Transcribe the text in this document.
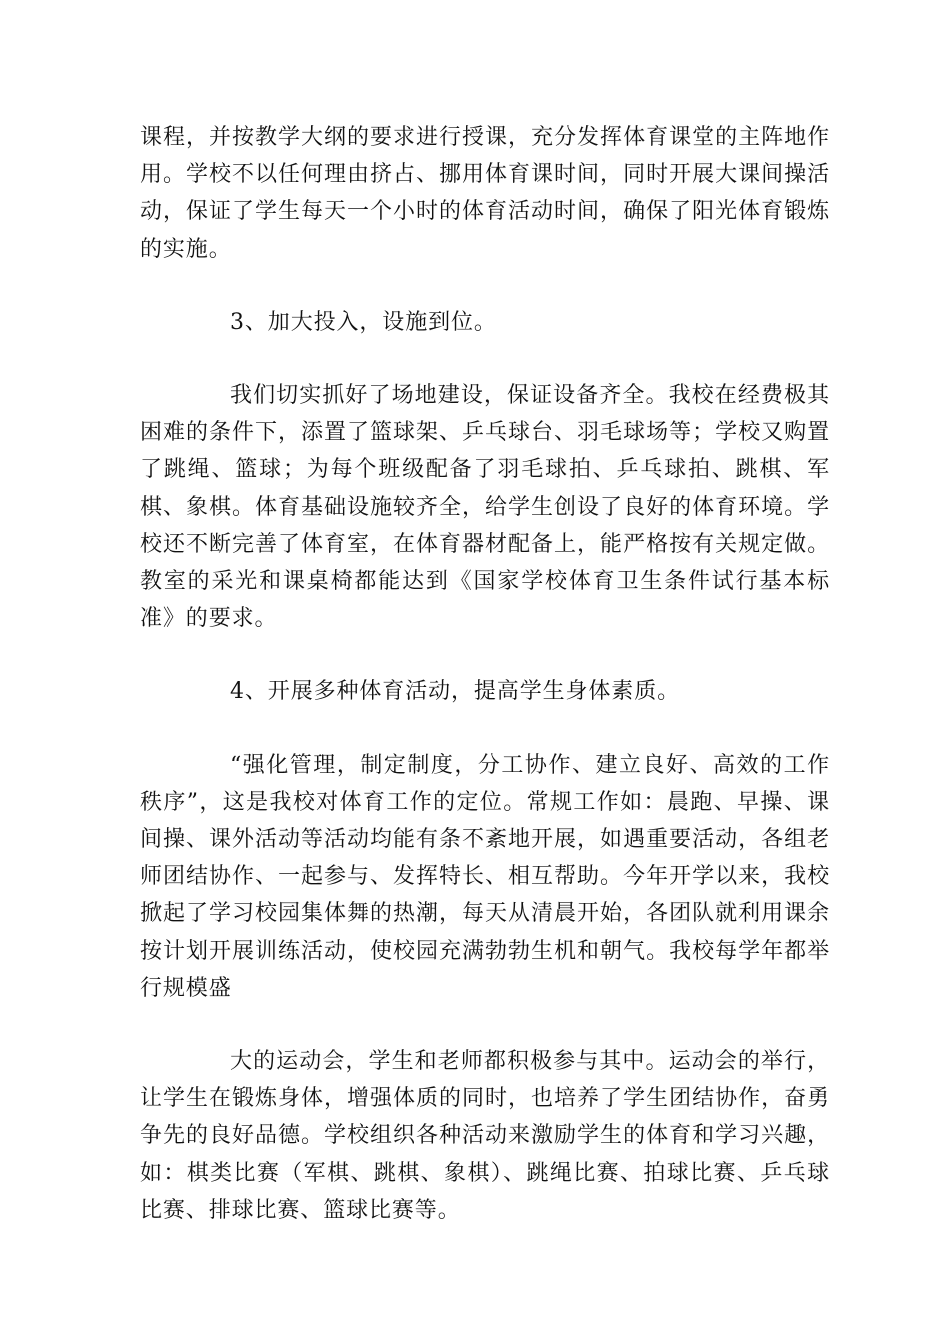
课程，并按教学大纲的要求进行授课，充分发挥体育课堂的主阵地作用。学校不以任何理由挤占、挪用体育课时间，同时开展大课间操活动，保证了学生每天一个小时的体育活动时间，确保了阳光体育锻炼的实施。

3、加大投入，设施到位。

我们切实抓好了场地建设，保证设备齐全。我校在经费极其困难的条件下，添置了篮球架、乒乓球台、羽毛球场等；学校又购置了跳绳、篮球；为每个班级配备了羽毛球拍、乒乓球拍、跳棋、军棋、象棋。体育基础设施较齐全，给学生创设了良好的体育环境。学校还不断完善了体育室，在体育器材配备上，能严格按有关规定做。教室的采光和课桌椅都能达到《国家学校体育卫生条件试行基本标准》的要求。

4、开展多种体育活动，提高学生身体素质。

“强化管理，制定制度，分工协作、建立良好、高效的工作秩序”，这是我校对体育工作的定位。常规工作如：晨跑、早操、课间操、课外活动等活动均能有条不紊地开展，如遇重要活动，各组老师团结协作、一起参与、发挥特长、相互帮助。今年开学以来，我校掀起了学习校园集体舞的热潮，每天从清晨开始，各团队就利用课余按计划开展训练活动，使校园充满勃勃生机和朝气。我校每学年都举行规模盛

大的运动会，学生和老师都积极参与其中。运动会的举行，让学生在锻炼身体，增强体质的同时，也培养了学生团结协作，奋勇争先的良好品德。学校组织各种活动来激励学生的体育和学习兴趣，如：棋类比赛（军棋、跳棋、象棋）、跳绳比赛、拍球比赛、乒乓球比赛、排球比赛、篮球比赛等。
